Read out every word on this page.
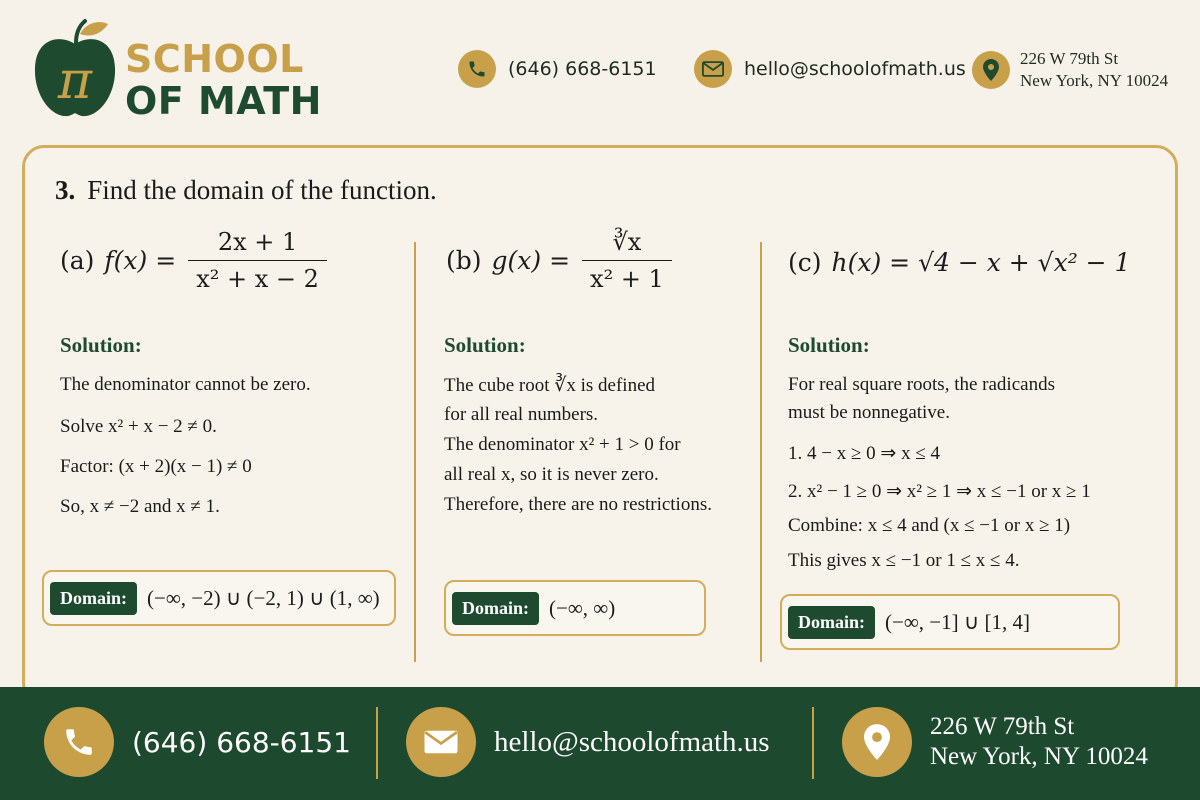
π SCHOOL
OF MATH
(646) 668-6151	hello@schoolofmath.us	226 W 79th St
New York, NY 10024
3. Find the domain of the function.
(a) $f(x) = \frac{2x + 1}{\text{x² + x − 2}}$
Solution:
The denominator cannot be zero.
Solve x² + x − 2 ≠ 0.
Factor: (x + 2)(x − 1) ≠ 0
So, x ≠ −2 and x ≠ 1.
Domain: (−∞, −2) ∪ (−2, 1) ∪ (1, ∞)
(b) $g(x) = \frac{∛x}{\text{x² + 1}}$
Solution:
The cube root ∛x is defined
for all real numbers.
The denominator x² + 1 > 0 for
all real x, so it is never zero.
Therefore, there are no restrictions.
Domain: (−∞, ∞)
(c) h(x) = √4 − x + √x² − 1
Solution:
For real square roots, the radicands
must be nonnegative.
1. 4 − x ≥ 0 ⇒ x ≤ 4
2. x² − 1 ≥ 0 ⇒ x² ≥ 1 ⇒ x ≤ −1 or x ≥ 1
Combine: x ≤ 4 and (x ≤ −1 or x ≥ 1)
This gives x ≤ −1 or 1 ≤ x ≤ 4.
Domain: (−∞, −1] ∪ [1, 4]
(646) 668-6151	hello@schoolofmath.us	226 W 79th St
New York, NY 10024
